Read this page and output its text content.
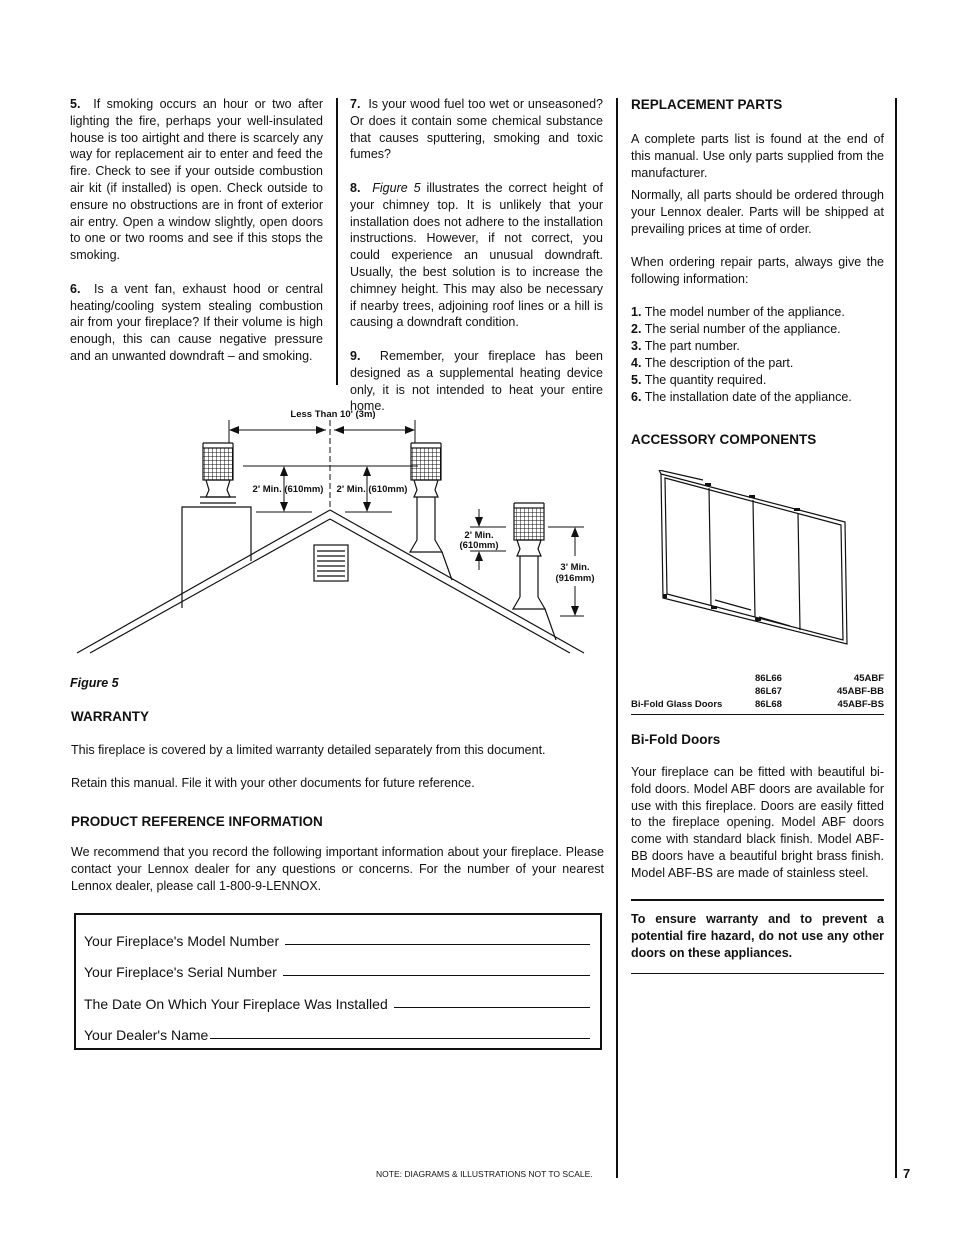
5. If smoking occurs an hour or two after lighting the fire, perhaps your well-insulated house is too airtight and there is scarcely any way for replacement air to enter and feed the fire. Check to see if your outside combustion air kit (if installed) is open. Check outside to ensure no obstructions are in front of exterior air entry. Open a window slightly, open doors to one or two rooms and see if this stops the smoking.

6. Is a vent fan, exhaust hood or central heating/cooling system stealing combustion air from your fireplace? If their volume is high enough, this can cause negative pressure and an unwanted downdraft – and smoking.

7. Is your wood fuel too wet or unseasoned? Or does it contain some chemical substance that causes sputtering, smoking and toxic fumes?

8. Figure 5 illustrates the correct height of your chimney top. It is unlikely that your installation does not adhere to the installation instructions. However, if not correct, you could experience an unusual downdraft. Usually, the best solution is to increase the chimney height. This may also be necessary if nearby trees, adjoining roof lines or a hill is causing a downdraft condition.

9. Remember, your fireplace has been designed as a supplemental heating device only, it is not intended to heat your entire home.

Less Than 10' (3m)
2' Min. (610mm) 2' Min. (610mm)
2' Min.
(610mm)
3' Min.
(916mm)
Figure 5
WARRANTY

This fireplace is covered by a limited warranty detailed separately from this document.

Retain this manual. File it with your other documents for future reference.

PRODUCT REFERENCE INFORMATION

We recommend that you record the following important information about your fireplace. Please contact your Lennox dealer for any questions or concerns. For the number of your nearest Lennox dealer, please call 1-800-9-LENNOX.

Your Fireplace's Model Number
Your Fireplace's Serial Number
The Date On Which Your Fireplace Was Installed
Your Dealer's Name
REPLACEMENT PARTS

A complete parts list is found at the end of this manual. Use only parts supplied from the manufacturer.

Normally, all parts should be ordered through your Lennox dealer. Parts will be shipped at prevailing prices at time of order.

When ordering repair parts, always give the following information:

1. The model number of the appliance.
2. The serial number of the appliance.
3. The part number.
4. The description of the part.
5. The quantity required.
6. The installation date of the appliance.
ACCESSORY COMPONENTS
	86L66	45ABF
	86L67	45ABF-BB
Bi-Fold Glass Doors	86L68	45ABF-BS
Bi-Fold Doors

Your fireplace can be fitted with beautiful bi-fold doors. Model ABF doors are available for use with this fireplace. Doors are easily fitted to the fireplace opening. Model ABF doors come with standard black finish. Model ABF-BB doors have a beautiful bright brass finish. Model ABF-BS are made of stainless steel.

To ensure warranty and to prevent a potential fire hazard, do not use any other doors on these appliances.

NOTE: DIAGRAMS & ILLUSTRATIONS NOT TO SCALE.	7
